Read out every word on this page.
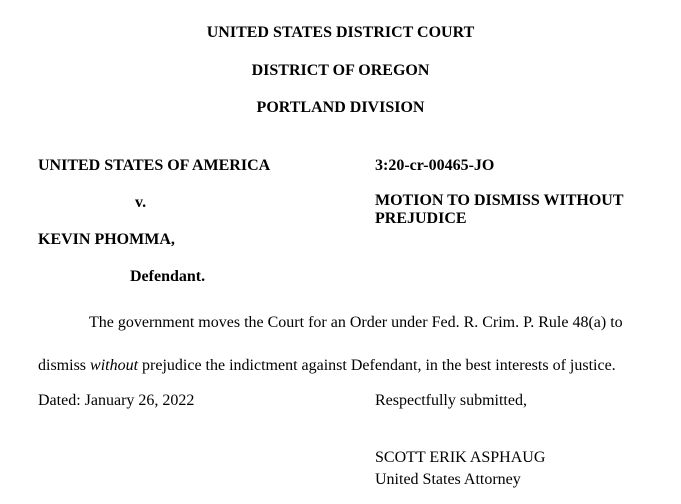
UNITED STATES DISTRICT COURT
DISTRICT OF OREGON
PORTLAND DIVISION
UNITED STATES OF AMERICA
v.
KEVIN PHOMMA,
Defendant.
3:20-cr-00465-JO
MOTION TO DISMISS WITHOUT PREJUDICE
The government moves the Court for an Order under Fed. R. Crim. P. Rule 48(a) to dismiss without prejudice the indictment against Defendant, in the best interests of justice.
Dated: January 26, 2022	Respectfully submitted,
SCOTT ERIK ASPHAUG
United States Attorney
